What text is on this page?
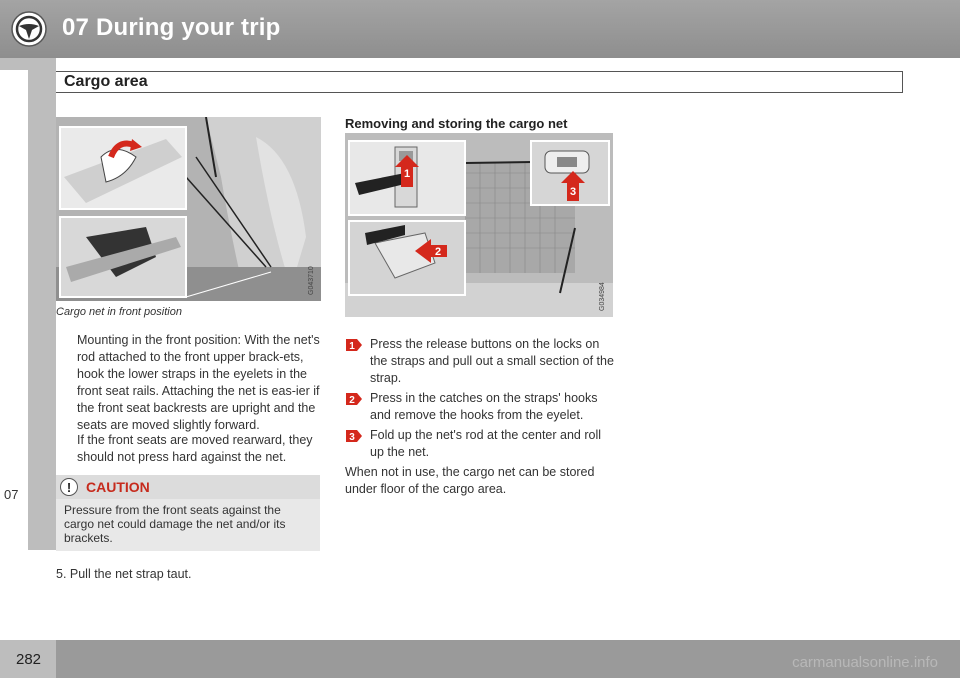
07 During your trip
Cargo area
07
G043710
Cargo net in front position

Mounting in the front position: With the net's rod attached to the front upper brack-ets, hook the lower straps in the eyelets in the front seat rails. Attaching the net is eas-ier if the front seat backrests are upright and the seats are moved slightly forward.

If the front seats are moved rearward, they should not press hard against the net.

!	CAUTION
Pressure from the front seats against the cargo net could damage the net and/or its brackets.

5. Pull the net strap taut.

Removing and storing the cargo net
1
2
3
G034984
1 Press the release buttons on the locks on the straps and pull out a small section of the strap.
2 Press in the catches on the straps' hooks and remove the hooks from the eyelet.
3 Fold up the net's rod at the center and roll up the net.

When not in use, the cargo net can be stored under floor of the cargo area.

282	carmanualsonline.info
